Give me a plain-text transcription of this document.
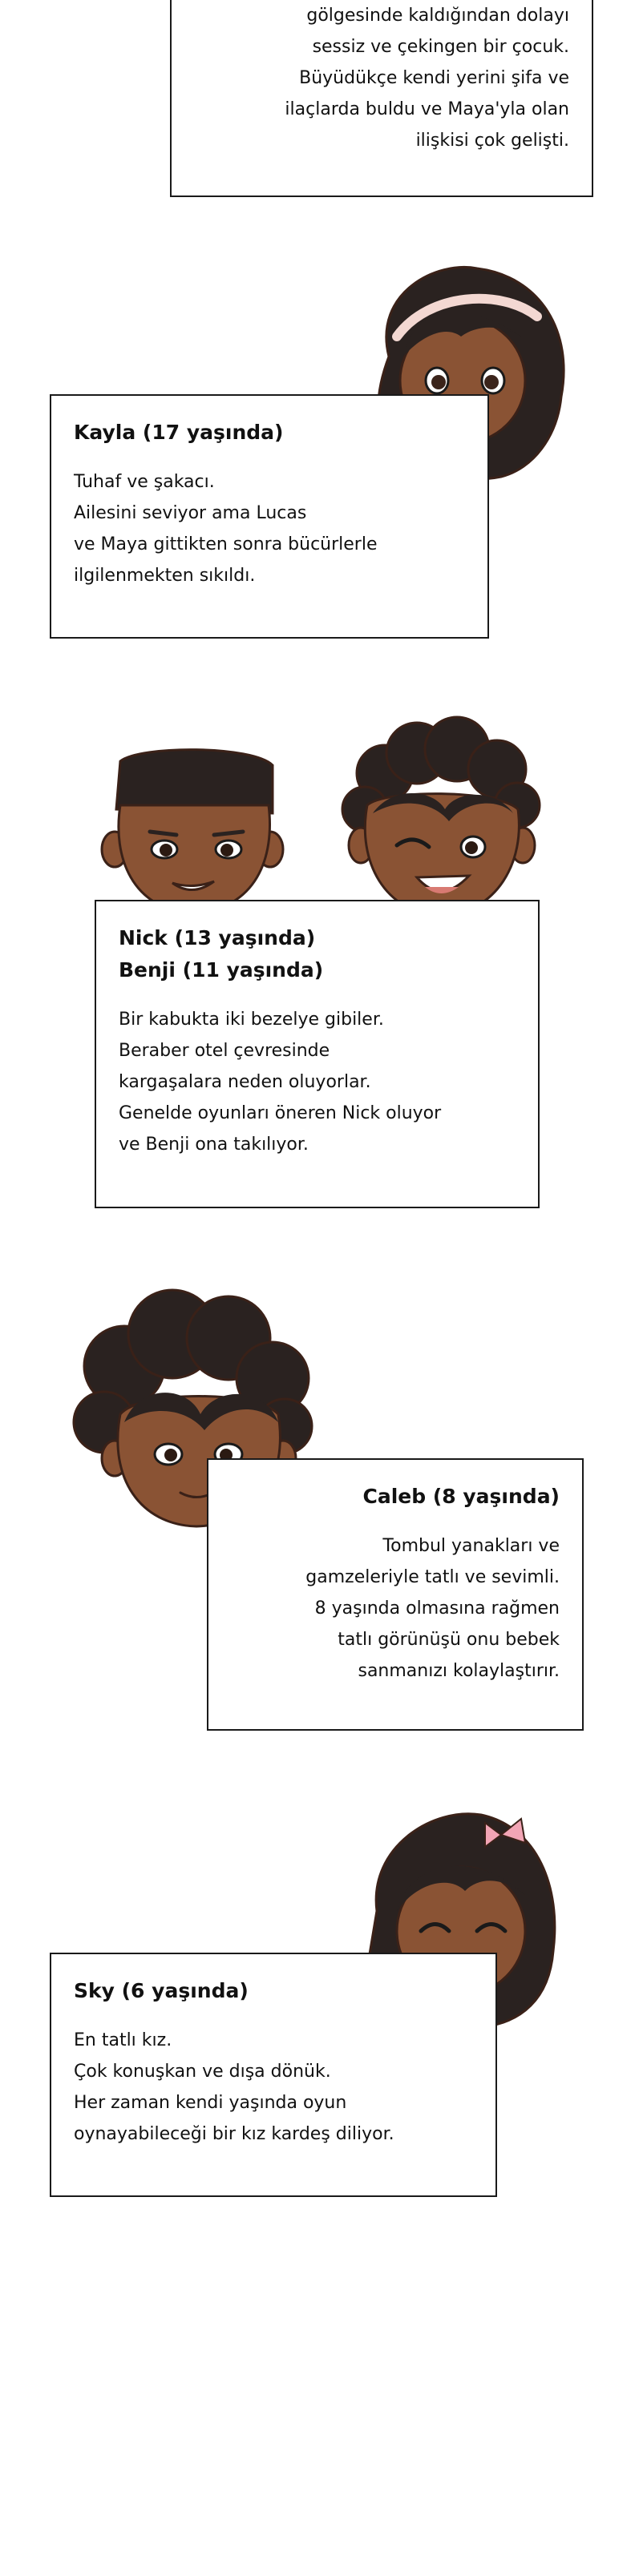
gölgesinde kaldığından dolayı
sessiz ve çekingen bir çocuk.
Büyüdükçe kendi yerini şifa ve
ilaçlarda buldu ve Maya'yla olan
ilişkisi çok gelişti.
Kayla (17 yaşında)
Tuhaf ve şakacı.
Ailesini seviyor ama Lucas
ve Maya gittikten sonra bücürlerle
ilgilenmekten sıkıldı.
Nick (13 yaşında)
Benji (11 yaşında)
Bir kabukta iki bezelye gibiler.
Beraber otel çevresinde
kargaşalara neden oluyorlar.
Genelde oyunları öneren Nick oluyor
ve Benji ona takılıyor.
Caleb (8 yaşında)
Tombul yanakları ve
gamzeleriyle tatlı ve sevimli.
8 yaşında olmasına rağmen
tatlı görünüşü onu bebek
sanmanızı kolaylaştırır.
Sky (6 yaşında)
En tatlı kız.
Çok konuşkan ve dışa dönük.
Her zaman kendi yaşında oyun
oynayabileceği bir kız kardeş diliyor.
